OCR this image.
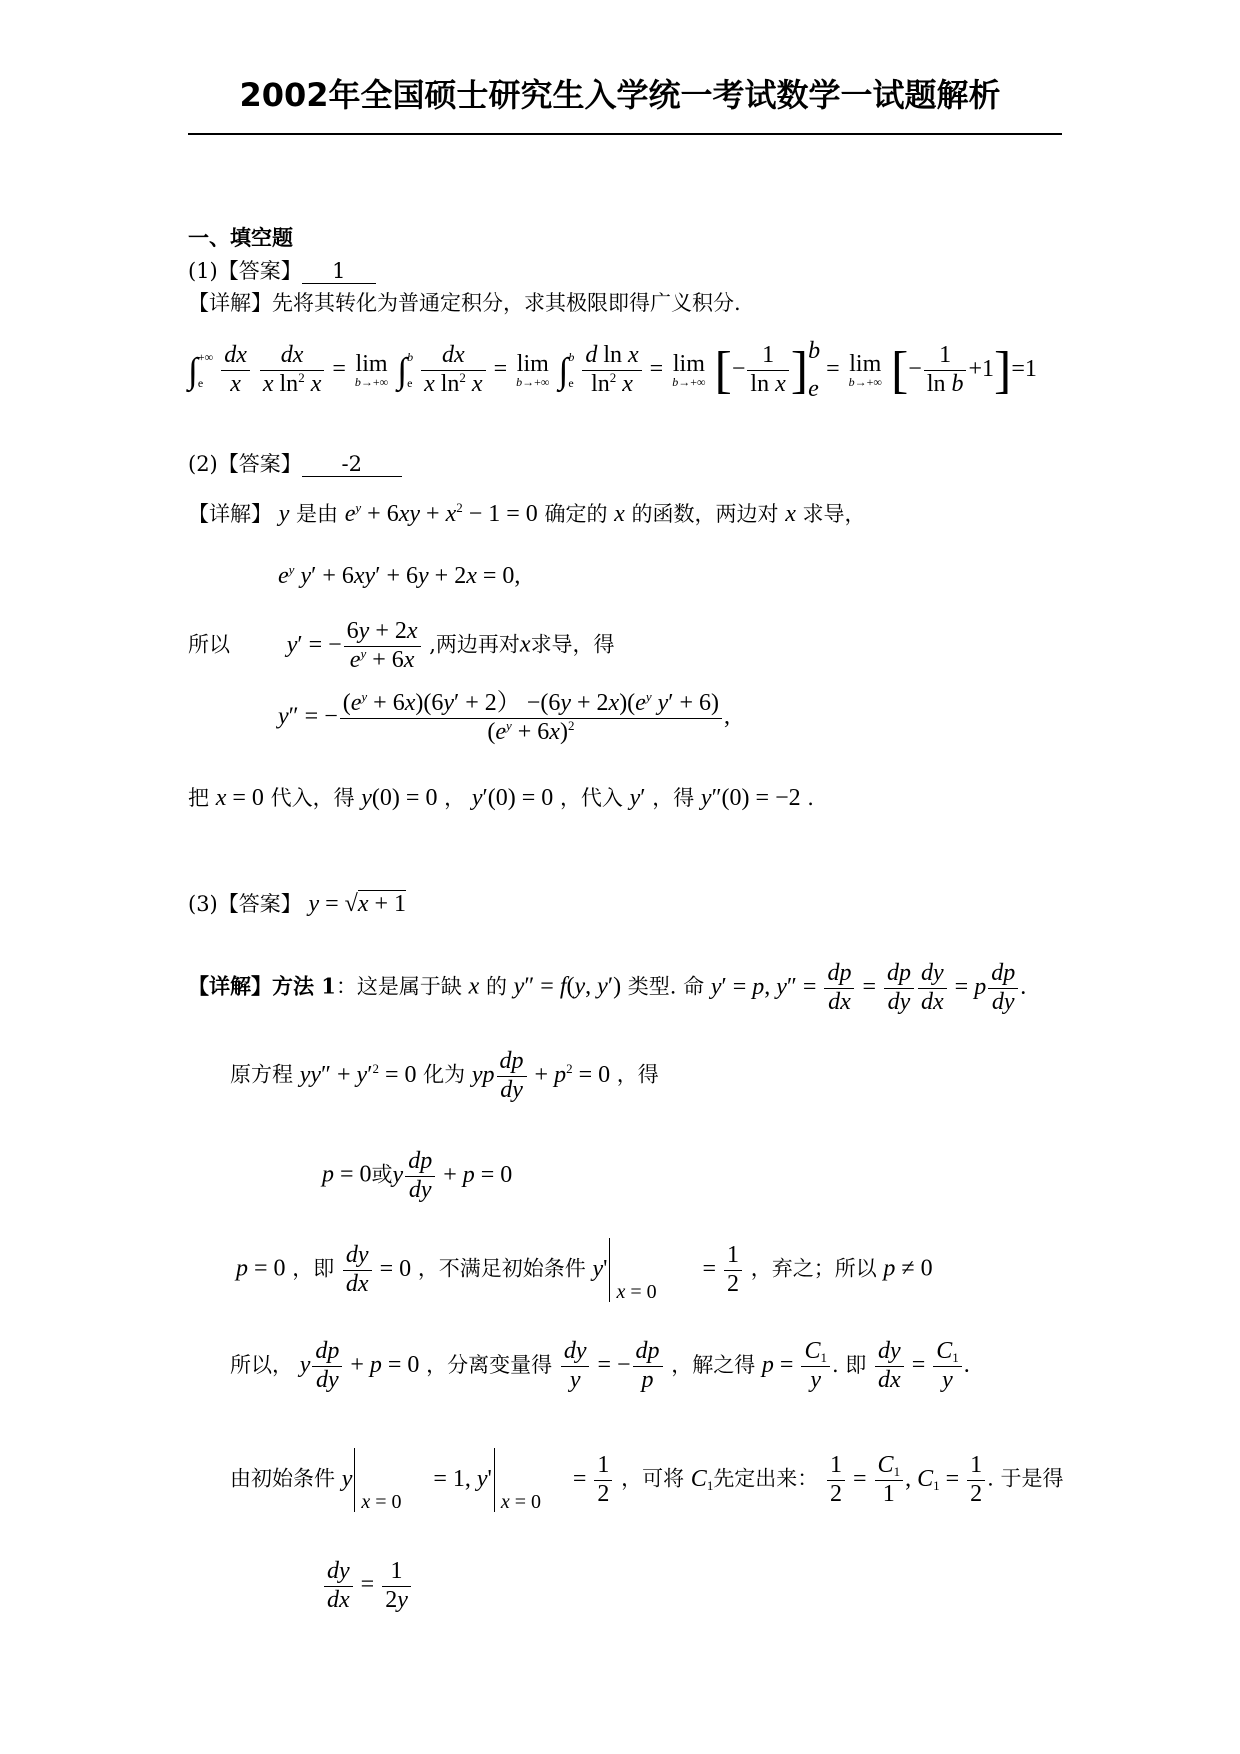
2002年全国硕士研究生入学统一考试数学一试题解析
一、填空题
(1)【答案】 1
【详解】先将其转化为普通定积分，求其极限即得广义积分.
∫+∞
e $\frac{dx}{x}$
$\frac{dx}{x \ln^2 x} = \lim$
b→+∞ ∫b
e $\frac{dx}{x \ln^2 x} = \lim$
b→+∞ ∫b
e $\frac{\text{d ln x}}{\ln^2 x} = \lim$
b→+∞ [− $\frac{1}{\text{ln x}} ]b$
e = lim
b→+∞ [− $\frac{1}{\text{ln b}} +1]=1$
(2)【答案】 -2
【详解】 y 是由 $e^y + 6xy + x^2 - 1 = 0$ 确定的 x 的函数，两边对 x 求导，
$e^y$ y′ + 6xy′ + 6y + 2x = 0,
所以 y′ = − $\frac{6y + 2x}{e^y + 6x}$ ,两边再对x求导，得
y″ = − $\frac{(e^y + 6x)(6y' + 2) -(6y + 2x)(e^y y' + 6)}{(e^y + 6x)^2}$ ,
把 x = 0 代入，得 y(0) = 0 ， y′(0) = 0 ，代入 y′ ，得 y″(0) = −2 .
(3)【答案】 y = √x + 1
【详解】方法 1：这是属于缺 x 的 y″ = f(y, y′) 类型. 命 y′ = p, $y'' = \frac{dp}{dx} = \frac{dp}{dy} \frac{dy}{dx} = p \frac{dp}{dy}$ .
原方程 $yy'' + y'^2 = 0$ 化为 yp $\frac{dp}{dy} + p^2 = 0$ ，得
p = 0或y $\frac{dp}{dy} + p = 0$
p = 0 ，即 $\frac{dy}{dx} = 0$ ，不满足初始条件 y'
x = 0
= $\frac{1}{2}$ ，弃之；所以 p ≠ 0
所以， y $\frac{dp}{dy} + p = 0$ ，分离变量得 $\frac{dy}{y}$ = − $\frac{dp}{p}$ ，解之得 $p = \frac{C_1}{y}$ . 即 $\frac{dy}{dx} = \frac{C_1}{y}$ .
由初始条件 y
x = 0
= 1, y'
x = 0
= $\frac{1}{2}$ ，可将 $C_1$先定出来： $\frac{1}{2} = \frac{C_1}{1}$ , $C_1 = \frac{1}{2}$ . 于是得
$\frac{dy}{dx} = \frac{1}{2y}$
